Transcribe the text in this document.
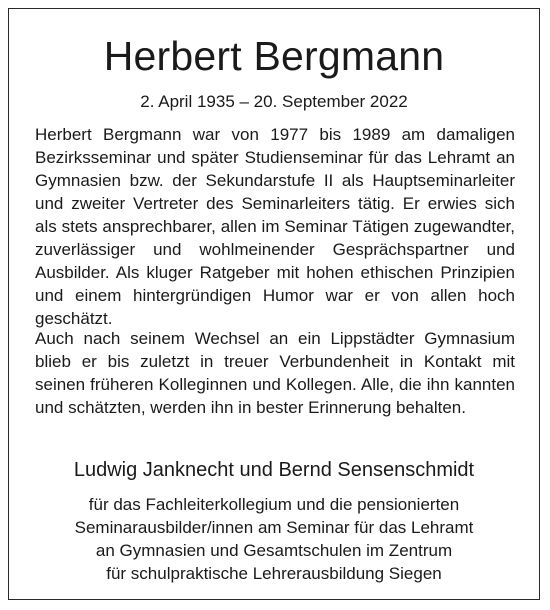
Herbert Bergmann
2. April 1935 – 20. September 2022

Herbert Bergmann war von 1977 bis 1989 am damaligen Bezirksseminar und später Studienseminar für das Lehramt an Gymnasien bzw. der Sekundarstufe II als Hauptseminarleiter und zweiter Vertreter des Seminarleiters tätig. Er erwies sich als stets ansprechbarer, allen im Seminar Tätigen zugewandter, zuverlässiger und wohlmeinender Gesprächspartner und Ausbilder. Als kluger Ratgeber mit hohen ethischen Prinzipien und einem hintergründigen Humor war er von allen hoch geschätzt.

Auch nach seinem Wechsel an ein Lippstädter Gymnasium blieb er bis zuletzt in treuer Verbundenheit in Kontakt mit seinen früheren Kolleginnen und Kollegen. Alle, die ihn kannten und schätzten, werden ihn in bester Erinnerung behalten.

Ludwig Janknecht und Bernd Sensenschmidt

für das Fachleiterkollegium und die pensionierten
Seminarausbilder/innen am Seminar für das Lehramt
an Gymnasien und Gesamtschulen im Zentrum
für schulpraktische Lehrerausbildung Siegen
